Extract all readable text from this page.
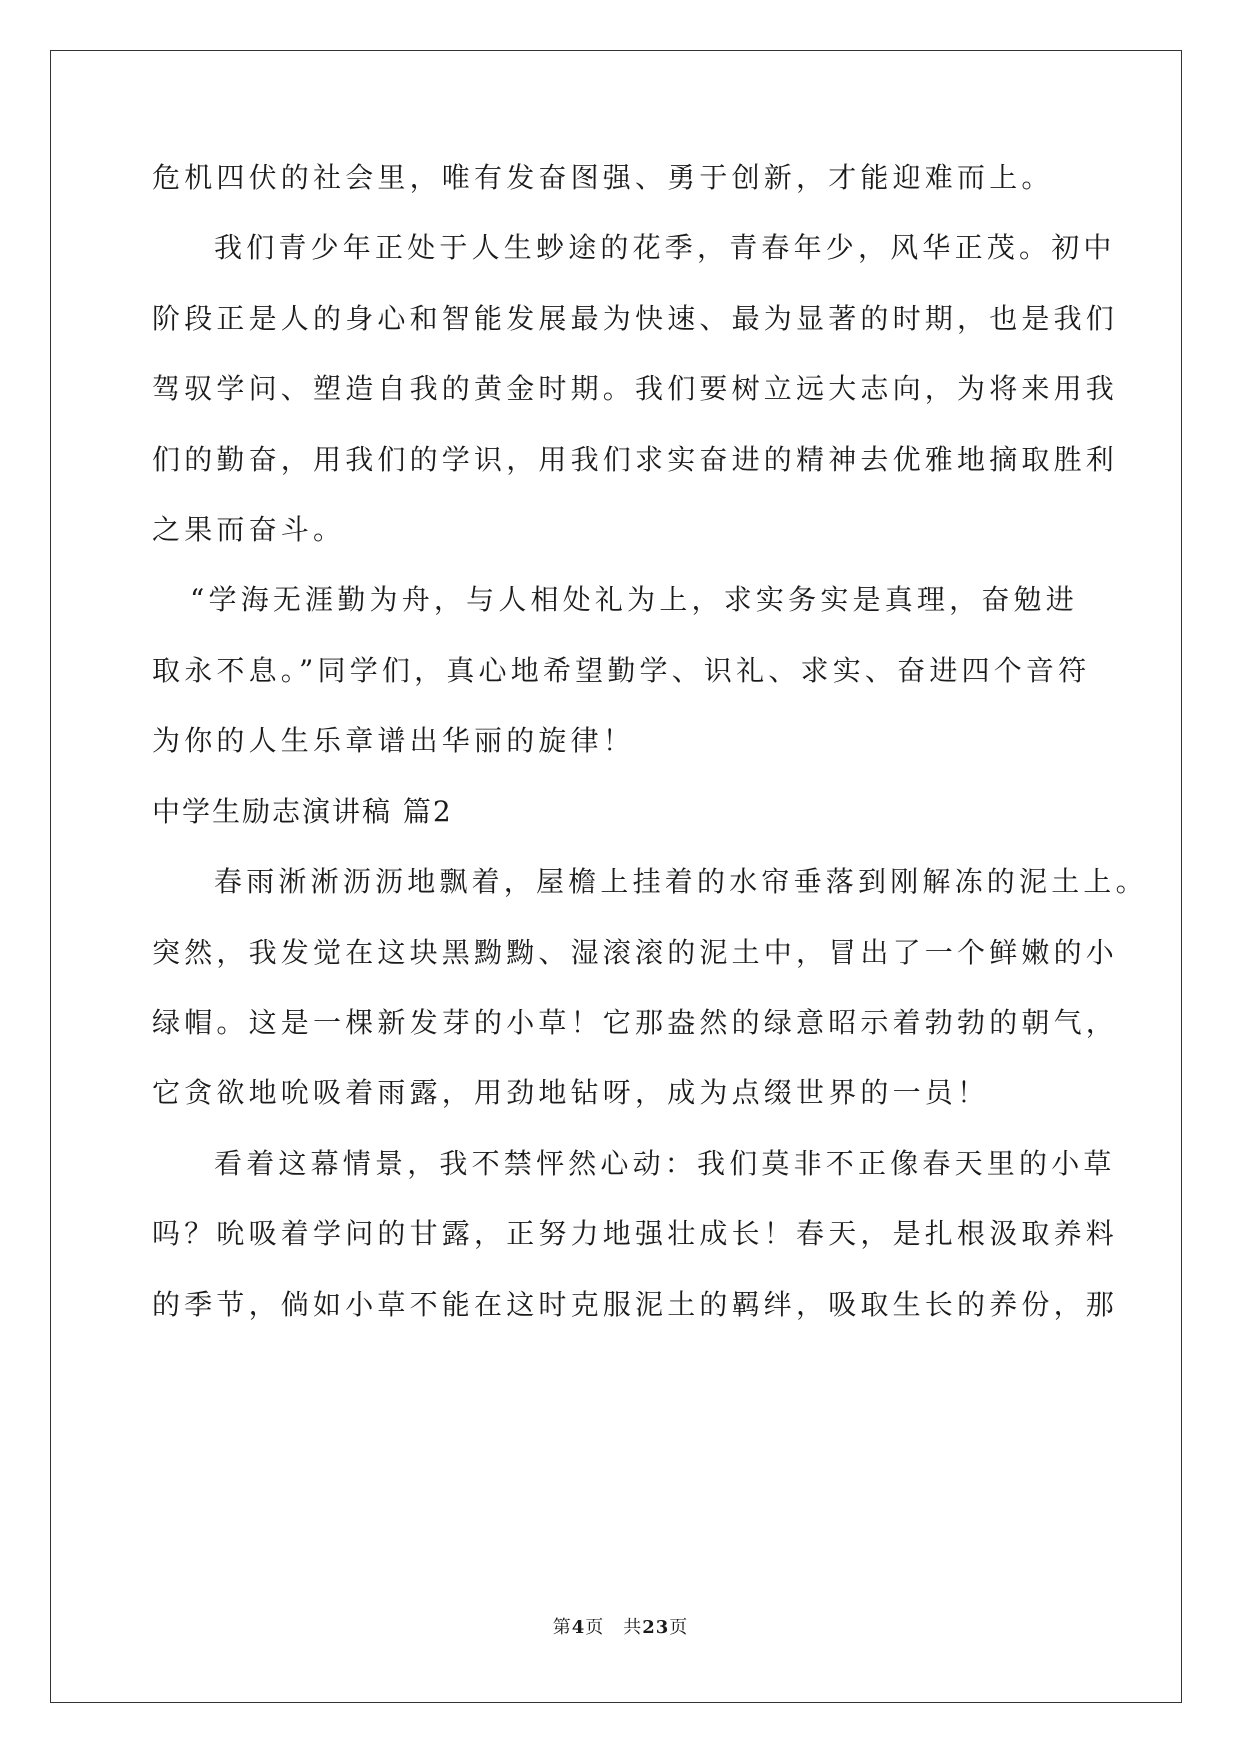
危机四伏的社会里，唯有发奋图强、勇于创新，才能迎难而上。
我们青少年正处于人生䖢途的花季，青春年少，风华正茂。初中
阶段正是人的身心和智能发展最为快速、最为显著的时期，也是我们
驾驭学问、塑造自我的黄金时期。我们要树立远大志向，为将来用我
们的勤奋，用我们的学识，用我们求实奋进的精神去优雅地摘取胜利
之果而奋斗。
“学海无涯勤为舟，与人相处礼为上，求实务实是真理，奋勉进
取永不息。”同学们，真心地希望勤学、识礼、求实、奋进四个音符
为你的人生乐章谱出华丽的旋律！
中学生励志演讲稿 篇2
春雨淅淅沥沥地飘着，屋檐上挂着的水帘垂落到刚解冻的泥土上。
突然，我发觉在这块黑黝黝、湿滚滚的泥土中，冒出了一个鲜嫩的小
绿帽。这是一棵新发芽的小草！它那盎然的绿意昭示着勃勃的朝气，
它贪欲地吮吸着雨露，用劲地钻呀，成为点缀世界的一员！
看着这幕情景，我不禁怦然心动：我们莫非不正像春天里的小草
吗？吮吸着学问的甘露，正努力地强壮成长！春天，是扎根汲取养料
的季节，倘如小草不能在这时克服泥土的羁绊，吸取生长的养份，那
第4页　共23页
